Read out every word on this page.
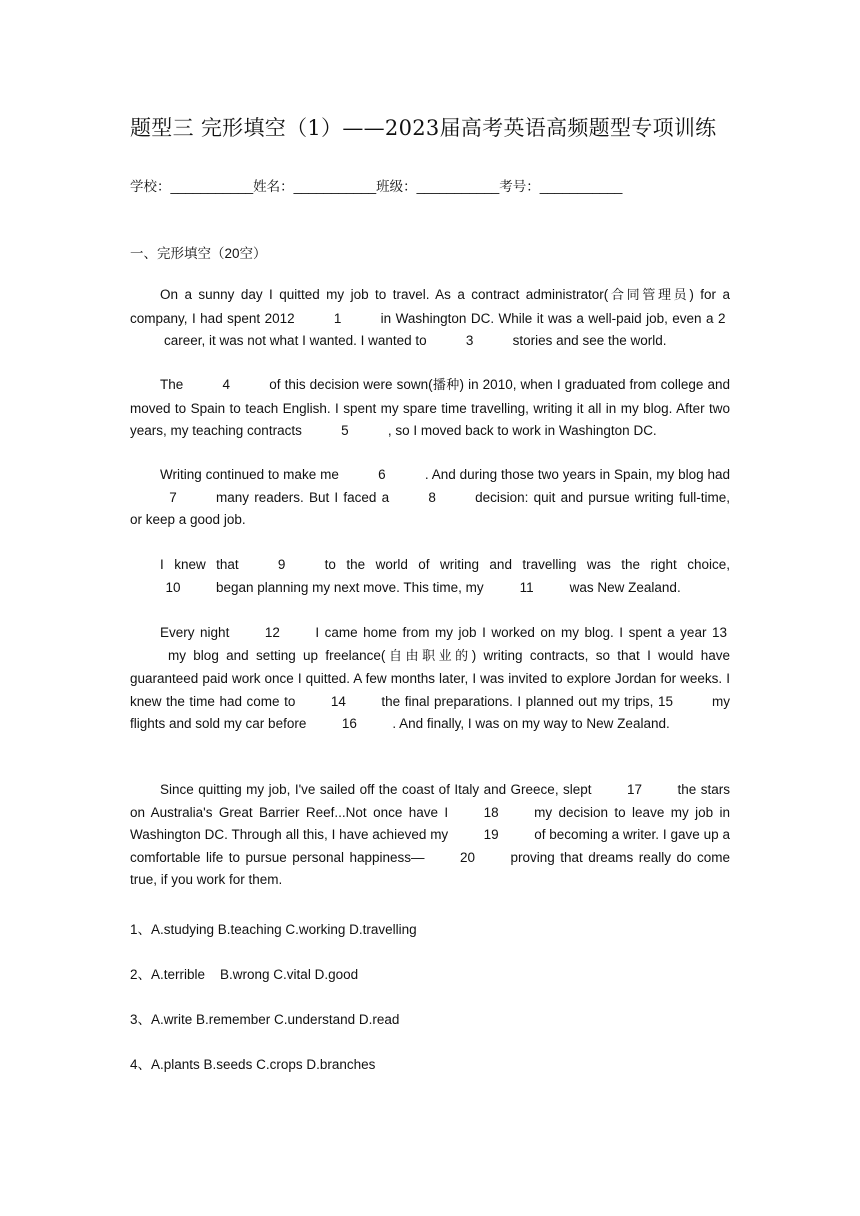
题型三 完形填空（1）——2023届高考英语高频题型专项训练
学校：___________姓名：___________班级：___________考号：___________
一、完形填空（20空）

On a sunny day I quitted my job to travel. As a contract administrator(合同管理员) for a company, I had spent 2012	1	in Washington DC. While it was a well-paid job, even a 2career, it was not what I wanted. I wanted to	3	stories and see the world.

The	4	of this decision were sown(播种) in 2010, when I graduated from college and moved to Spain to teach English. I spent my spare time travelling, writing it all in my blog. After two years, my teaching contracts	5	, so I moved back to work in Washington DC.

Writing continued to make me	6	. And during those two years in Spain, my blog had7	many readers. But I faced a	8	decision: quit and pursue writing full-time, or keep a good job.

I knew that	9	to the world of writing and travelling was the right choice,10	began planning my next move. This time, my	11	was New Zealand.

Every night	12	I came home from my job I worked on my blog. I spent a year 13my blog and setting up freelance(自由职业的) writing contracts, so that I would have guaranteed paid work once I quitted. A few months later, I was invited to explore Jordan for weeks. I knew the time had come to	14	the final preparations. I planned out my trips, 15	my flights and sold my car before	16	. And finally, I was on my way to New Zealand.

Since quitting my job, I've sailed off the coast of Italy and Greece, slept	17	the stars on Australia's Great Barrier Reef...Not once have I	18	my decision to leave my job in Washington DC. Through all this, I have achieved my	19	of becoming a writer. I gave up a comfortable life to pursue personal happiness—	20	proving that dreams really do come true, if you work for them.

1、A.studying B.teaching C.working D.travelling
2、A.terrible    B.wrong C.vital D.good
3、A.write B.remember C.understand D.read
4、A.plants B.seeds C.crops D.branches
